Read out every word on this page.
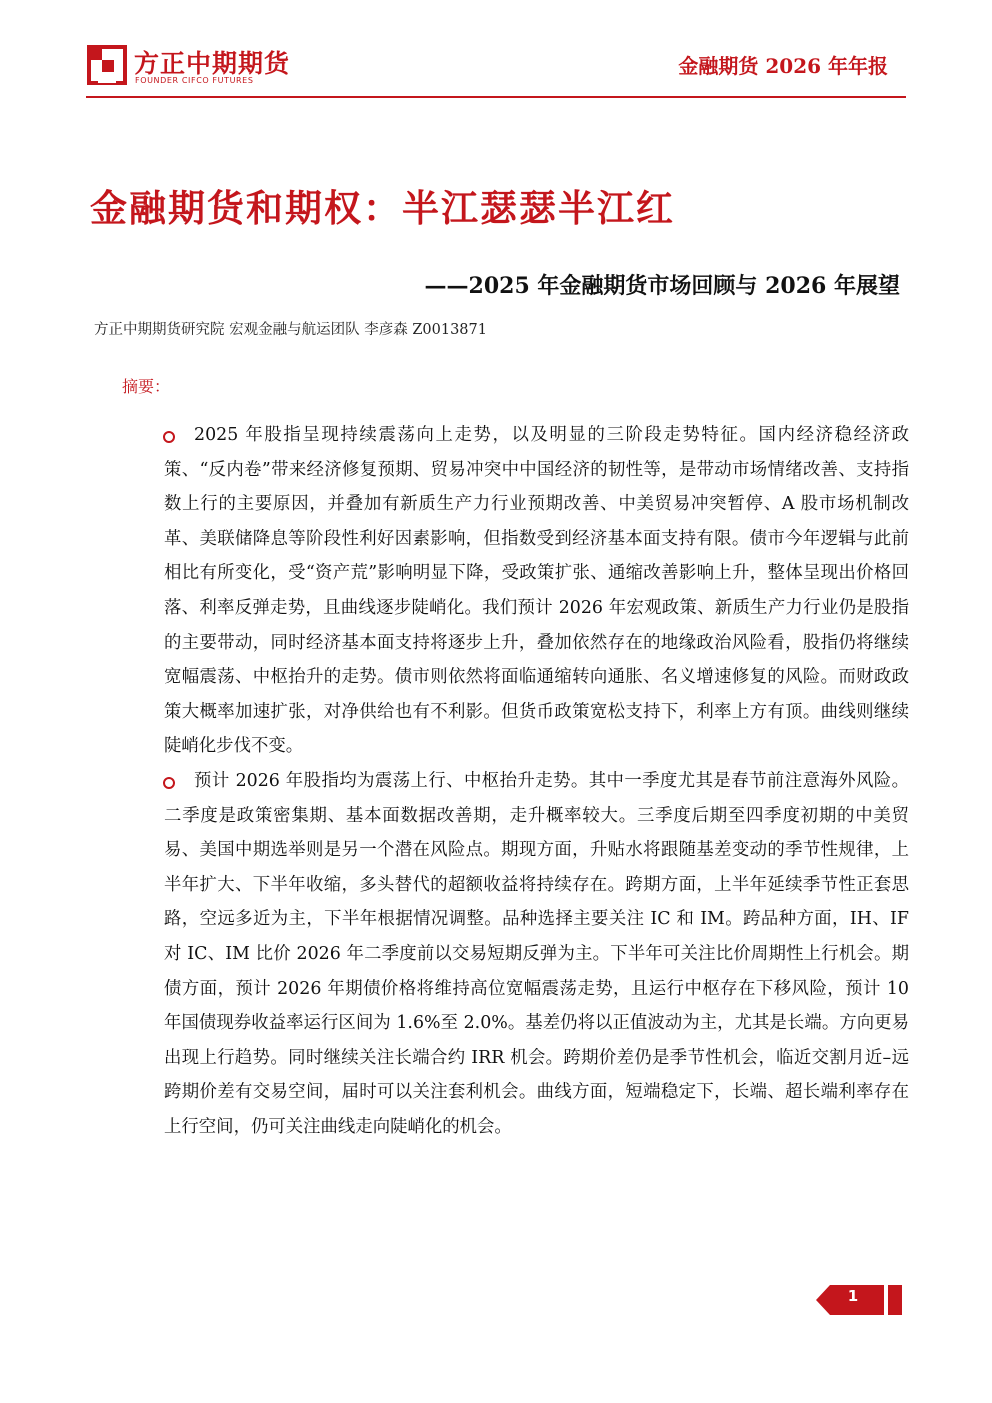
方正中期期货
FOUNDER CIFCO FUTURES
金融期货 2026 年年报
金融期货和期权：半江瑟瑟半江红
——2025 年金融期货市场回顾与 2026 年展望
方正中期期货研究院 宏观金融与航运团队 李彦森 Z0013871
摘要：
2025 年股指呈现持续震荡向上走势，以及明显的三阶段走势特征。国内经济稳经济政策、“反内卷”带来经济修复预期、贸易冲突中中国经济的韧性等，是带动市场情绪改善、支持指数上行的主要原因，并叠加有新质生产力行业预期改善、中美贸易冲突暂停、A 股市场机制改革、美联储降息等阶段性利好因素影响，但指数受到经济基本面支持有限。债市今年逻辑与此前相比有所变化，受“资产荒”影响明显下降，受政策扩张、通缩改善影响上升，整体呈现出价格回落、利率反弹走势，且曲线逐步陡峭化。我们预计 2026 年宏观政策、新质生产力行业仍是股指的主要带动，同时经济基本面支持将逐步上升，叠加依然存在的地缘政治风险看，股指仍将继续宽幅震荡、中枢抬升的走势。债市则依然将面临通缩转向通胀、名义增速修复的风险。而财政政策大概率加速扩张，对净供给也有不利影。但货币政策宽松支持下，利率上方有顶。曲线则继续陡峭化步伐不变。
预计 2026 年股指均为震荡上行、中枢抬升走势。其中一季度尤其是春节前注意海外风险。二季度是政策密集期、基本面数据改善期，走升概率较大。三季度后期至四季度初期的中美贸易、美国中期选举则是另一个潜在风险点。期现方面，升贴水将跟随基差变动的季节性规律，上半年扩大、下半年收缩，多头替代的超额收益将持续存在。跨期方面，上半年延续季节性正套思路，空远多近为主，下半年根据情况调整。品种选择主要关注 IC 和 IM。跨品种方面，IH、IF 对 IC、IM 比价 2026 年二季度前以交易短期反弹为主。下半年可关注比价周期性上行机会。期债方面，预计 2026 年期债价格将维持高位宽幅震荡走势，且运行中枢存在下移风险，预计 10 年国债现券收益率运行区间为 1.6%至 2.0%。基差仍将以正值波动为主，尤其是长端。方向更易出现上行趋势。同时继续关注长端合约 IRR 机会。跨期价差仍是季节性机会，临近交割月近–远跨期价差有交易空间，届时可以关注套利机会。曲线方面，短端稳定下，长端、超长端利率存在上行空间，仍可关注曲线走向陡峭化的机会。
1
